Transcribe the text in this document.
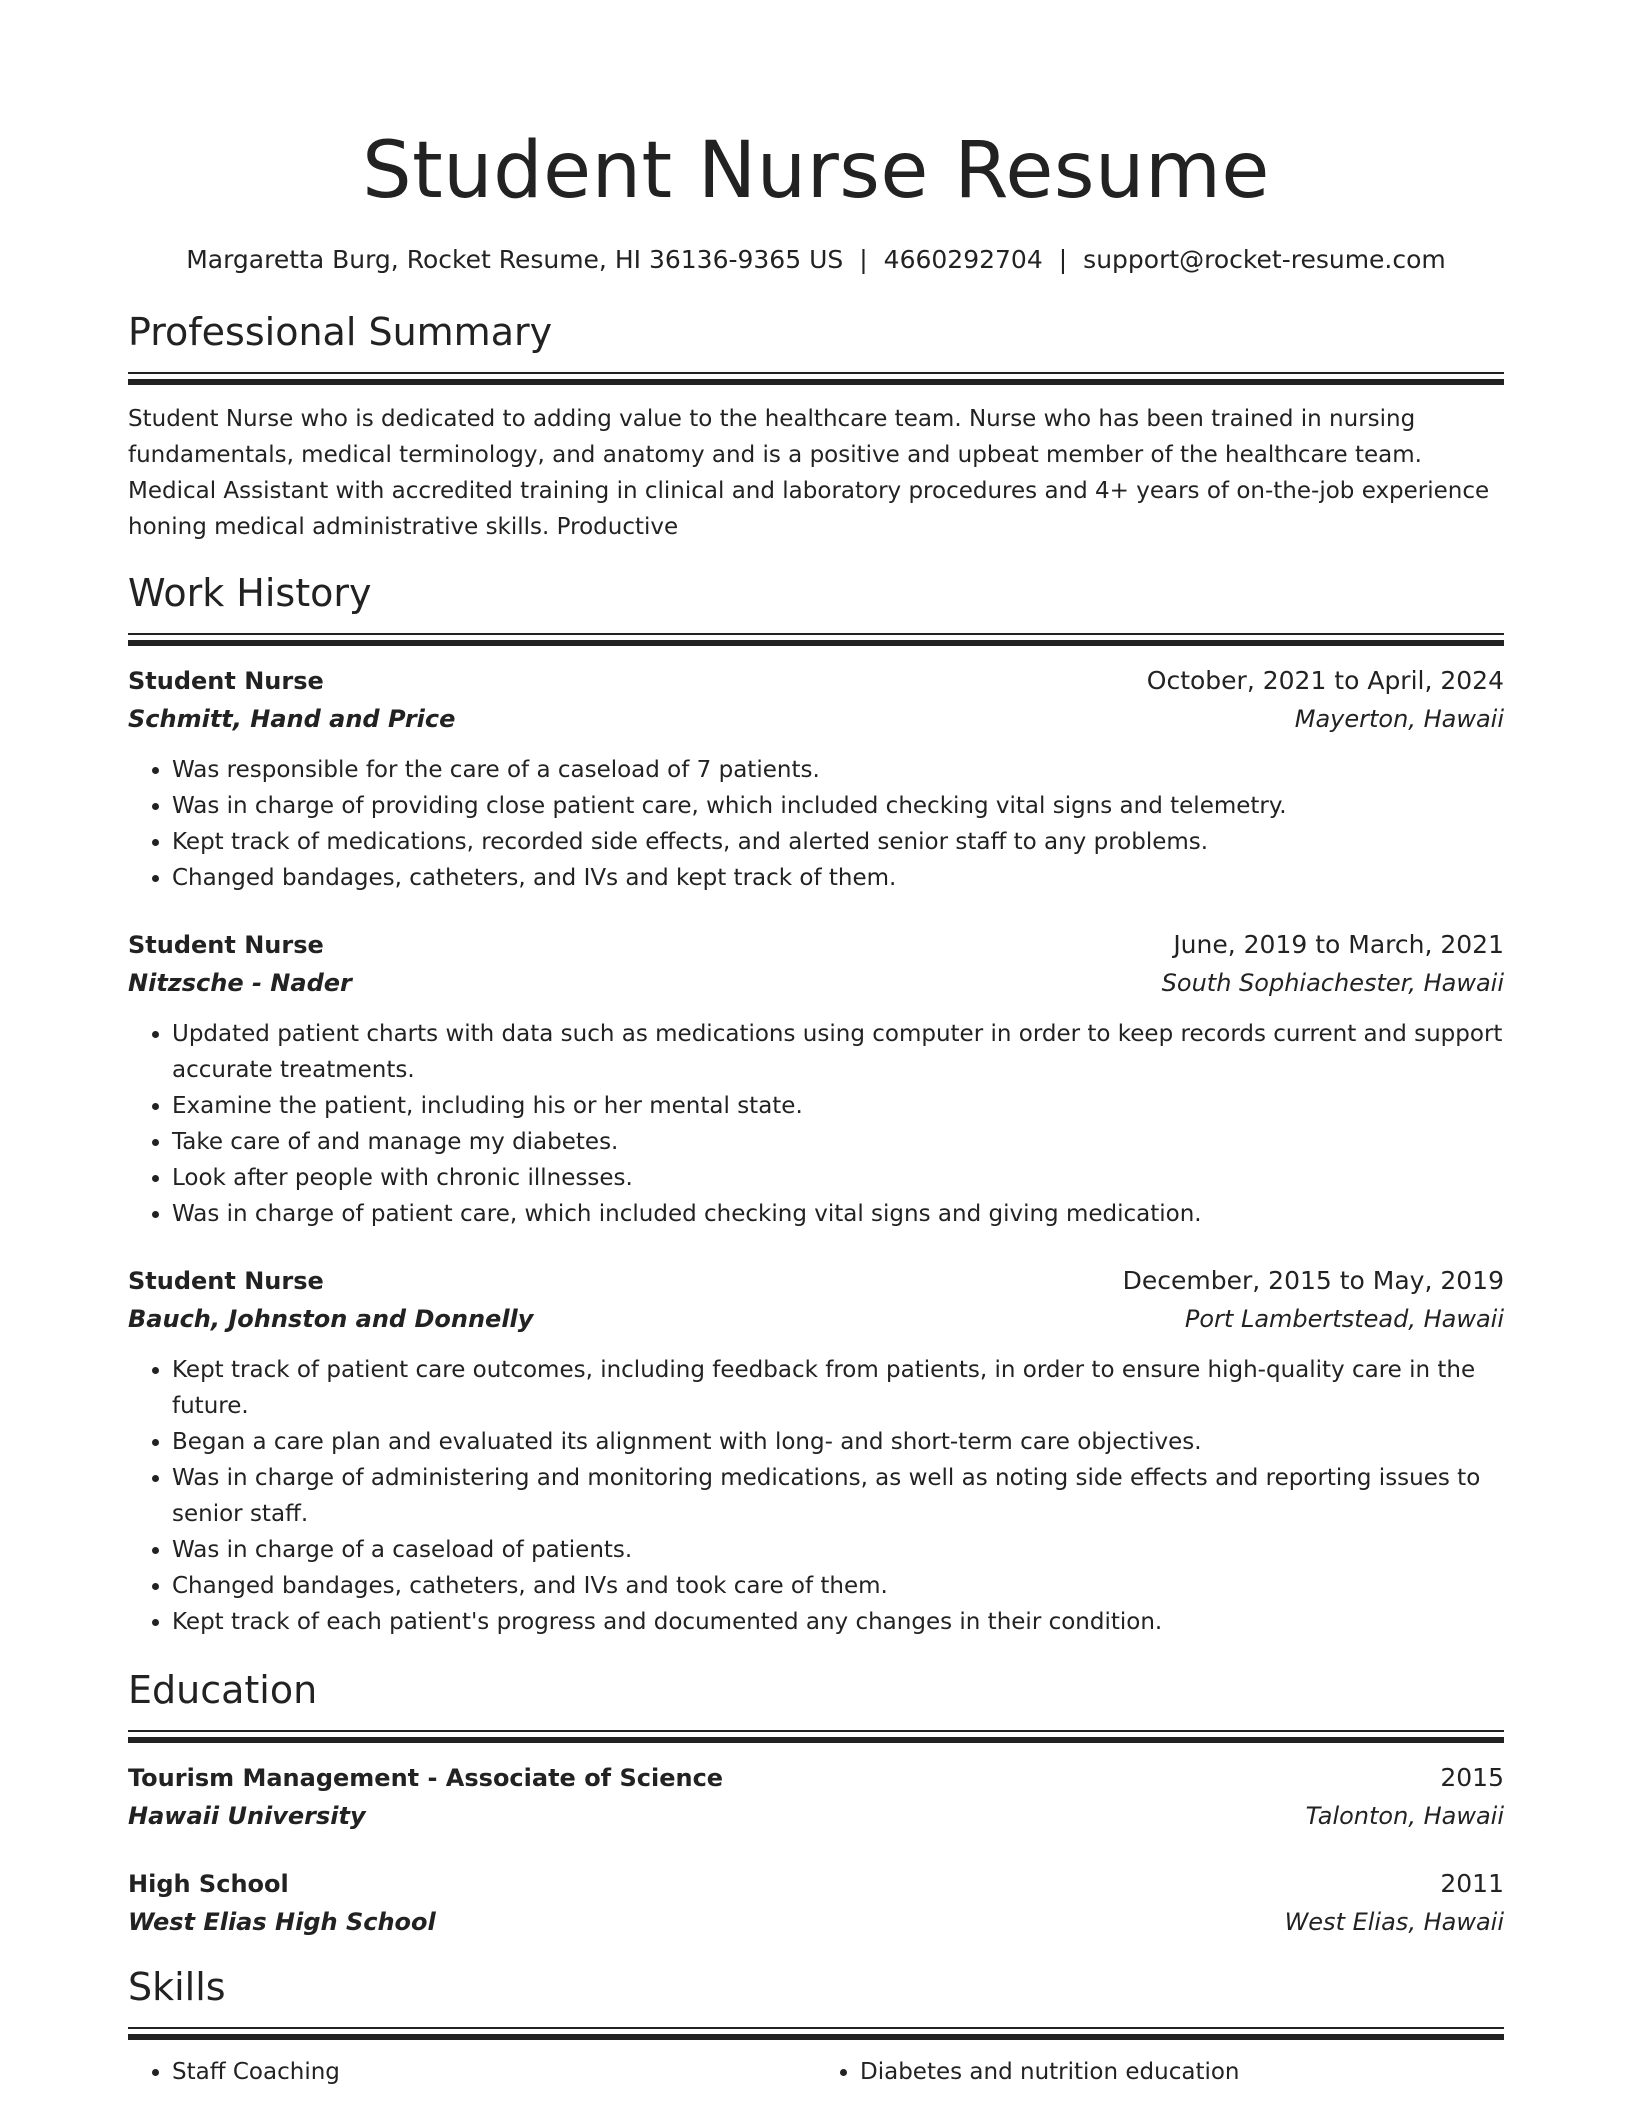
Student Nurse Resume
Margaretta Burg, Rocket Resume, HI 36136-9365 US | 4660292704 | support@rocket-resume.com
Professional Summary
Student Nurse who is dedicated to adding value to the healthcare team. Nurse who has been trained in nursing fundamentals, medical terminology, and anatomy and is a positive and upbeat member of the healthcare team. Medical Assistant with accredited training in clinical and laboratory procedures and 4+ years of on-the-job experience honing medical administrative skills. Productive
Work History
Student Nurse	October, 2021 to April, 2024
Schmitt, Hand and Price	Mayerton, Hawaii
• Was responsible for the care of a caseload of 7 patients.
• Was in charge of providing close patient care, which included checking vital signs and telemetry.
• Kept track of medications, recorded side effects, and alerted senior staff to any problems.
• Changed bandages, catheters, and IVs and kept track of them.
Student Nurse	June, 2019 to March, 2021
Nitzsche - Nader	South Sophiachester, Hawaii
• Updated patient charts with data such as medications using computer in order to keep records current and support accurate treatments.
• Examine the patient, including his or her mental state.
• Take care of and manage my diabetes.
• Look after people with chronic illnesses.
• Was in charge of patient care, which included checking vital signs and giving medication.
Student Nurse	December, 2015 to May, 2019
Bauch, Johnston and Donnelly	Port Lambertstead, Hawaii
• Kept track of patient care outcomes, including feedback from patients, in order to ensure high-quality care in the future.
• Began a care plan and evaluated its alignment with long- and short-term care objectives.
• Was in charge of administering and monitoring medications, as well as noting side effects and reporting issues to senior staff.
• Was in charge of a caseload of patients.
• Changed bandages, catheters, and IVs and took care of them.
• Kept track of each patient's progress and documented any changes in their condition.
Education
Tourism Management - Associate of Science	2015
Hawaii University	Talonton, Hawaii
High School	2011
West Elias High School	West Elias, Hawaii
Skills
• Staff Coaching
•	Diabetes and nutrition education
